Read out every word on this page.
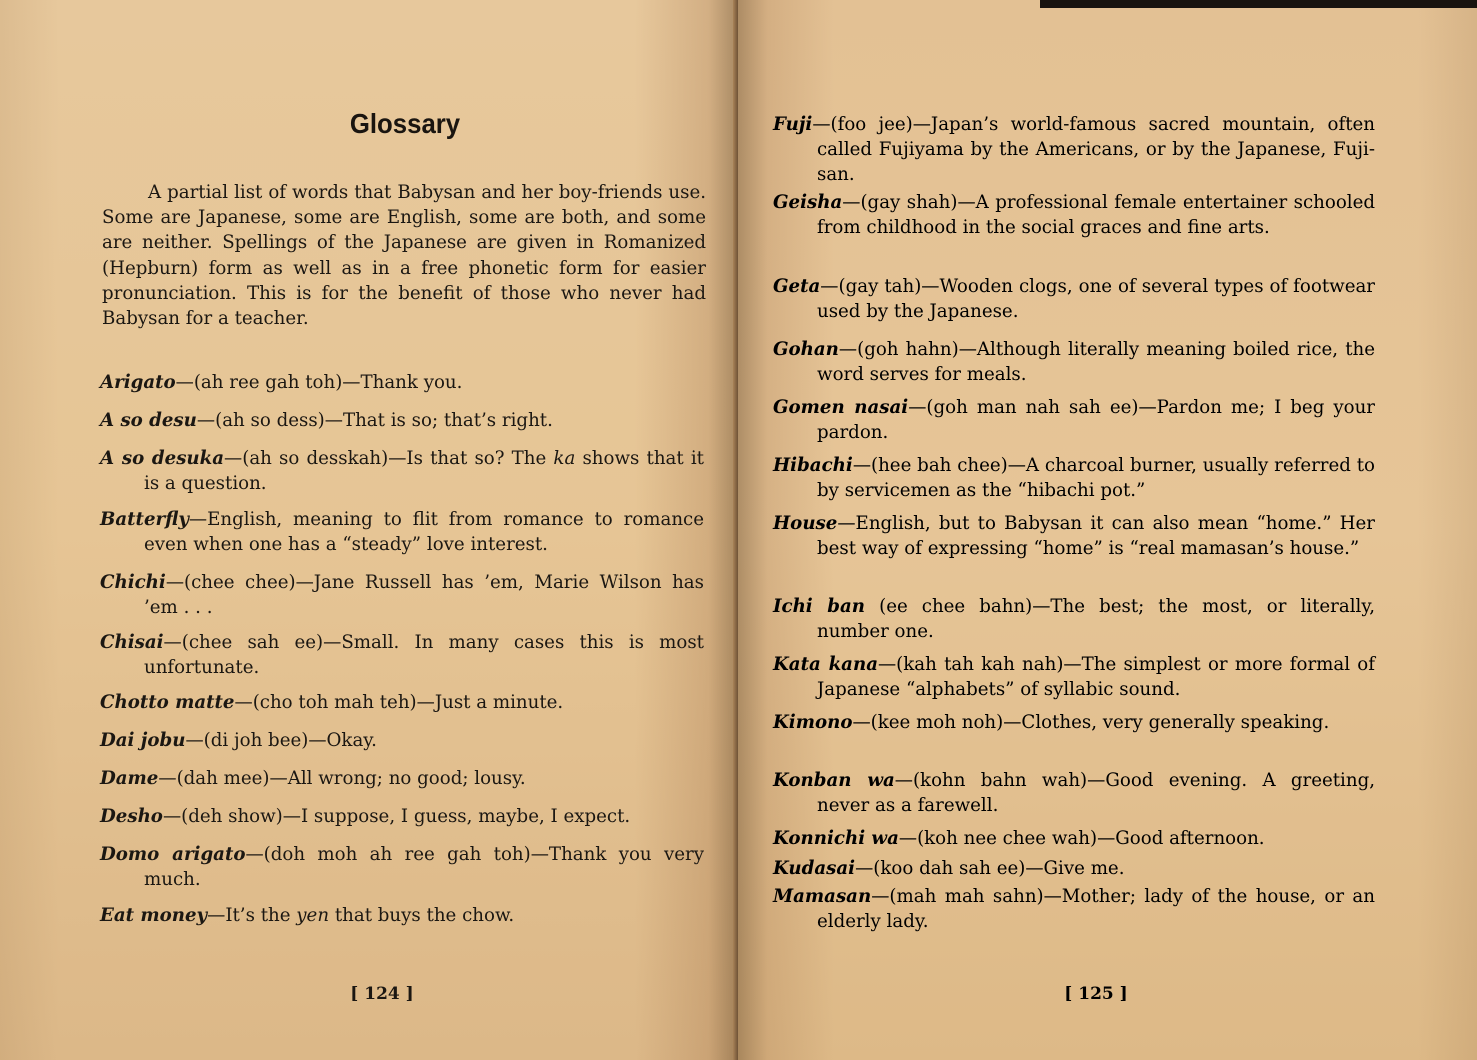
Glossary

A partial list of words that Babysan and her boy-friends use. Some are Japanese, some are English, some are both, and some are neither. Spellings of the Japanese are given in Romanized (Hepburn) form as well as in a free phonetic form for easier pronunciation. This is for the benefit of those who never had Babysan for a teacher.

Arigato—(ah ree gah toh)—Thank you.

A so desu—(ah so dess)—That is so; that’s right.

A so desuka—(ah so desskah)—Is that so? The ka shows that it is a question.

Batterfly—English, meaning to flit from romance to romance even when one has a “steady” love interest.

Chichi—(chee chee)—Jane Russell has ’em, Marie Wilson has ’em . . .

Chisai—(chee sah ee)—Small. In many cases this is most unfortunate.

Chotto matte—(cho toh mah teh)—Just a minute.

Dai jobu—(di joh bee)—Okay.

Dame—(dah mee)—All wrong; no good; lousy.

Desho—(deh show)—I suppose, I guess, maybe, I expect.

Domo arigato—(doh moh ah ree gah toh)—Thank you very much.

Eat money—It’s the yen that buys the chow.

[ 124 ]

Fuji—(foo jee)—Japan’s world-famous sacred mountain, often called Fujiyama by the Americans, or by the Japanese, Fuji-san.

Geisha—(gay shah)—A professional female entertainer schooled from childhood in the social graces and fine arts.

Geta—(gay tah)—Wooden clogs, one of several types of footwear used by the Japanese.

Gohan—(goh hahn)—Although literally meaning boiled rice, the word serves for meals.

Gomen nasai—(goh man nah sah ee)—Pardon me; I beg your pardon.

Hibachi—(hee bah chee)—A charcoal burner, usually referred to by servicemen as the “hibachi pot.”

House—English, but to Babysan it can also mean “home.” Her best way of expressing “home” is “real mamasan’s house.”

Ichi ban (ee chee bahn)—The best; the most, or literally, number one.

Kata kana—(kah tah kah nah)—The simplest or more formal of Japanese “alphabets” of syllabic sound.

Kimono—(kee moh noh)—Clothes, very generally speaking.

Konban wa—(kohn bahn wah)—Good evening. A greeting, never as a farewell.

Konnichi wa—(koh nee chee wah)—Good afternoon.

Kudasai—(koo dah sah ee)—Give me.

Mamasan—(mah mah sahn)—Mother; lady of the house, or an elderly lady.

[ 125 ]
